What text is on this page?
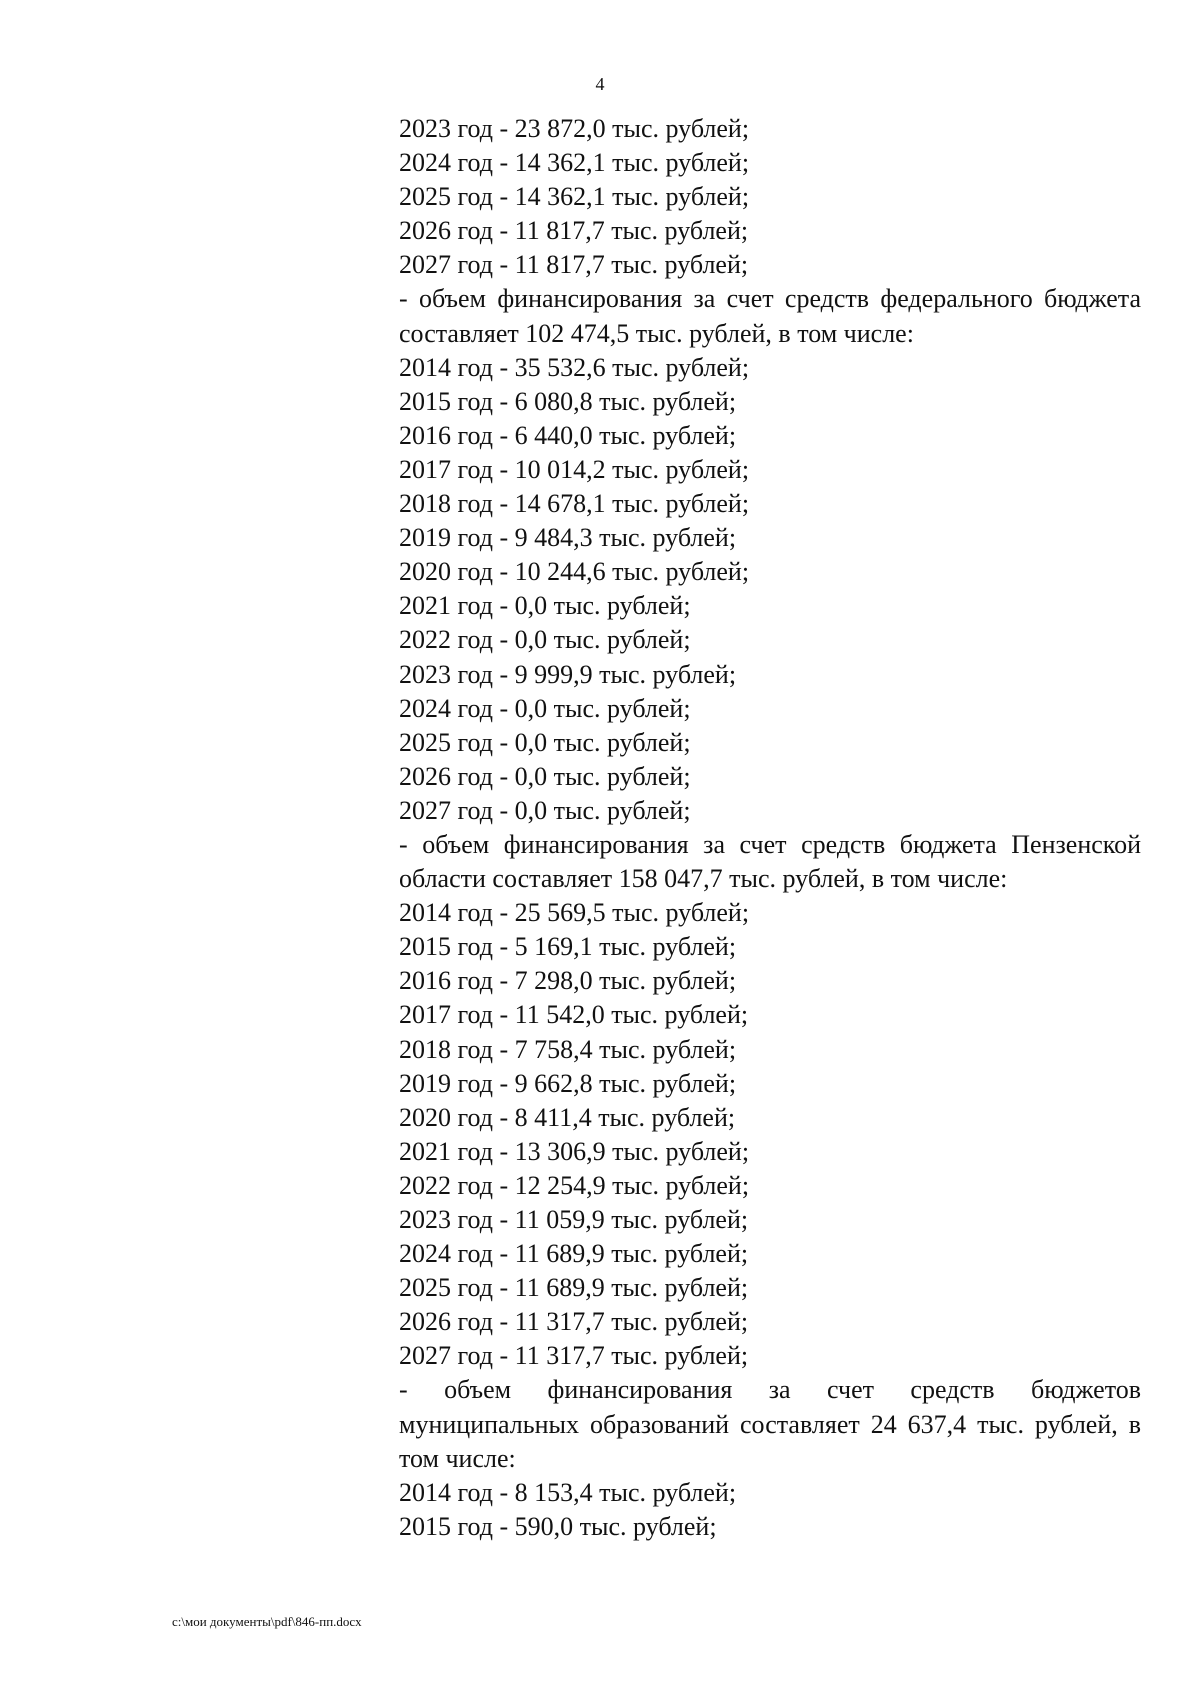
4
2023 год - 23 872,0 тыс. рублей;
2024 год - 14 362,1 тыс. рублей;
2025 год - 14 362,1 тыс. рублей;
2026 год - 11 817,7 тыс. рублей;
2027 год - 11 817,7 тыс. рублей;
- объем финансирования за счет средств федерального бюджета составляет 102 474,5 тыс. рублей, в том числе:
2014 год - 35 532,6 тыс. рублей;
2015 год - 6 080,8 тыс. рублей;
2016 год - 6 440,0 тыс. рублей;
2017 год - 10 014,2 тыс. рублей;
2018 год - 14 678,1 тыс. рублей;
2019 год - 9 484,3 тыс. рублей;
2020 год - 10 244,6 тыс. рублей;
2021 год - 0,0 тыс. рублей;
2022 год - 0,0 тыс. рублей;
2023 год - 9 999,9 тыс. рублей;
2024 год - 0,0 тыс. рублей;
2025 год - 0,0 тыс. рублей;
2026 год - 0,0 тыс. рублей;
2027 год - 0,0 тыс. рублей;
- объем финансирования за счет средств бюджета Пензенской области составляет 158 047,7 тыс. рублей, в том числе:
2014 год - 25 569,5 тыс. рублей;
2015 год - 5 169,1 тыс. рублей;
2016 год - 7 298,0 тыс. рублей;
2017 год - 11 542,0 тыс. рублей;
2018 год - 7 758,4 тыс. рублей;
2019 год - 9 662,8 тыс. рублей;
2020 год - 8 411,4 тыс. рублей;
2021 год - 13 306,9 тыс. рублей;
2022 год - 12 254,9 тыс. рублей;
2023 год - 11 059,9 тыс. рублей;
2024 год - 11 689,9 тыс. рублей;
2025 год - 11 689,9 тыс. рублей;
2026 год - 11 317,7 тыс. рублей;
2027 год - 11 317,7 тыс. рублей;
- объем финансирования за счет средств бюджетов муниципальных образований составляет 24 637,4 тыс. рублей, в том числе:
2014 год - 8 153,4 тыс. рублей;
2015 год - 590,0 тыс. рублей;
c:\мои документы\pdf\846-пп.docx
